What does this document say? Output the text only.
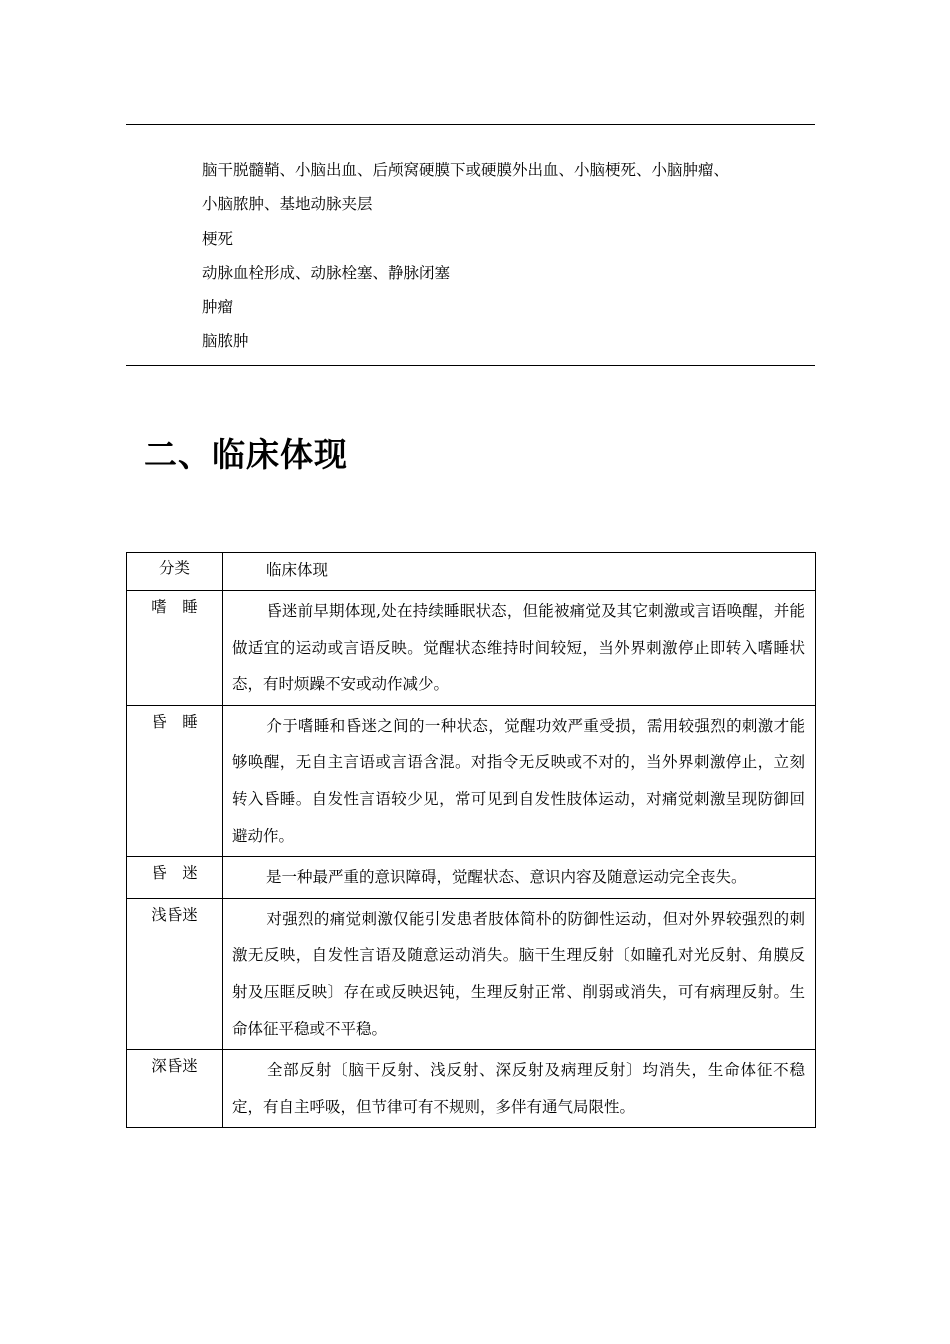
脑干脱髓鞘、小脑出血、后颅窝硬膜下或硬膜外出血、小脑梗死、小脑肿瘤、
小脑脓肿、基地动脉夹层
梗死
动脉血栓形成、动脉栓塞、静脉闭塞
肿瘤
脑脓肿
二、临床体现
分类	临床体现

嗜　睡	昏迷前早期体现,处在持续睡眠状态，但能被痛觉及其它刺激或言语唤醒，并能做适宜的运动或言语反映。觉醒状态维持时间较短，当外界刺激停止即转入嗜睡状态，有时烦躁不安或动作减少。

昏　睡	介于嗜睡和昏迷之间的一种状态，觉醒功效严重受损，需用较强烈的刺激才能够唤醒，无自主言语或言语含混。对指令无反映或不对的，当外界刺激停止，立刻转入昏睡。自发性言语较少见，常可见到自发性肢体运动，对痛觉刺激呈现防御回避动作。

昏　迷	是一种最严重的意识障碍，觉醒状态、意识内容及随意运动完全丧失。

浅昏迷	对强烈的痛觉刺激仅能引发患者肢体简朴的防御性运动，但对外界较强烈的刺激无反映，自发性言语及随意运动消失。脑干生理反射〔如瞳孔对光反射、角膜反射及压眶反映〕存在或反映迟钝，生理反射正常、削弱或消失，可有病理反射。生命体征平稳或不平稳。

深昏迷	全部反射〔脑干反射、浅反射、深反射及病理反射〕均消失，生命体征不稳定，有自主呼吸，但节律可有不规则，多伴有通气局限性。
